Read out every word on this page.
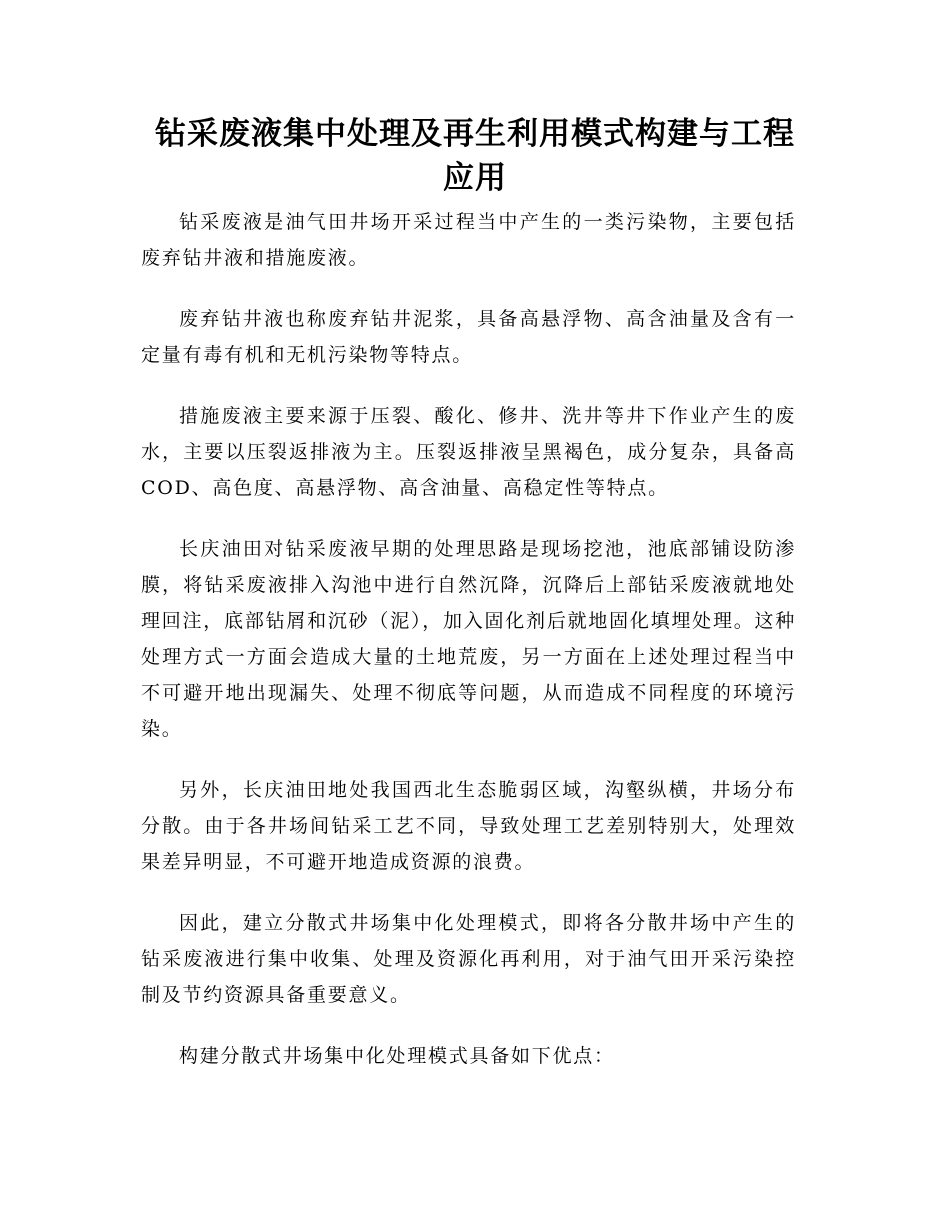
钻采废液集中处理及再生利用模式构建与工程应用

钻采废液是油气田井场开采过程当中产生的一类污染物，主要包括废弃钻井液和措施废液。

废弃钻井液也称废弃钻井泥浆，具备高悬浮物、高含油量及含有一定量有毒有机和无机污染物等特点。

措施废液主要来源于压裂、酸化、修井、洗井等井下作业产生的废水，主要以压裂返排液为主。压裂返排液呈黑褐色，成分复杂，具备高COD、高色度、高悬浮物、高含油量、高稳定性等特点。

长庆油田对钻采废液早期的处理思路是现场挖池，池底部铺设防渗膜，将钻采废液排入沟池中进行自然沉降，沉降后上部钻采废液就地处理回注，底部钻屑和沉砂（泥），加入固化剂后就地固化填埋处理。这种处理方式一方面会造成大量的土地荒废，另一方面在上述处理过程当中不可避开地出现漏失、处理不彻底等问题，从而造成不同程度的环境污染。

另外，长庆油田地处我国西北生态脆弱区域，沟壑纵横，井场分布分散。由于各井场间钻采工艺不同，导致处理工艺差别特别大，处理效果差异明显，不可避开地造成资源的浪费。

因此，建立分散式井场集中化处理模式，即将各分散井场中产生的钻采废液进行集中收集、处理及资源化再利用，对于油气田开采污染控制及节约资源具备重要意义。

构建分散式井场集中化处理模式具备如下优点：
